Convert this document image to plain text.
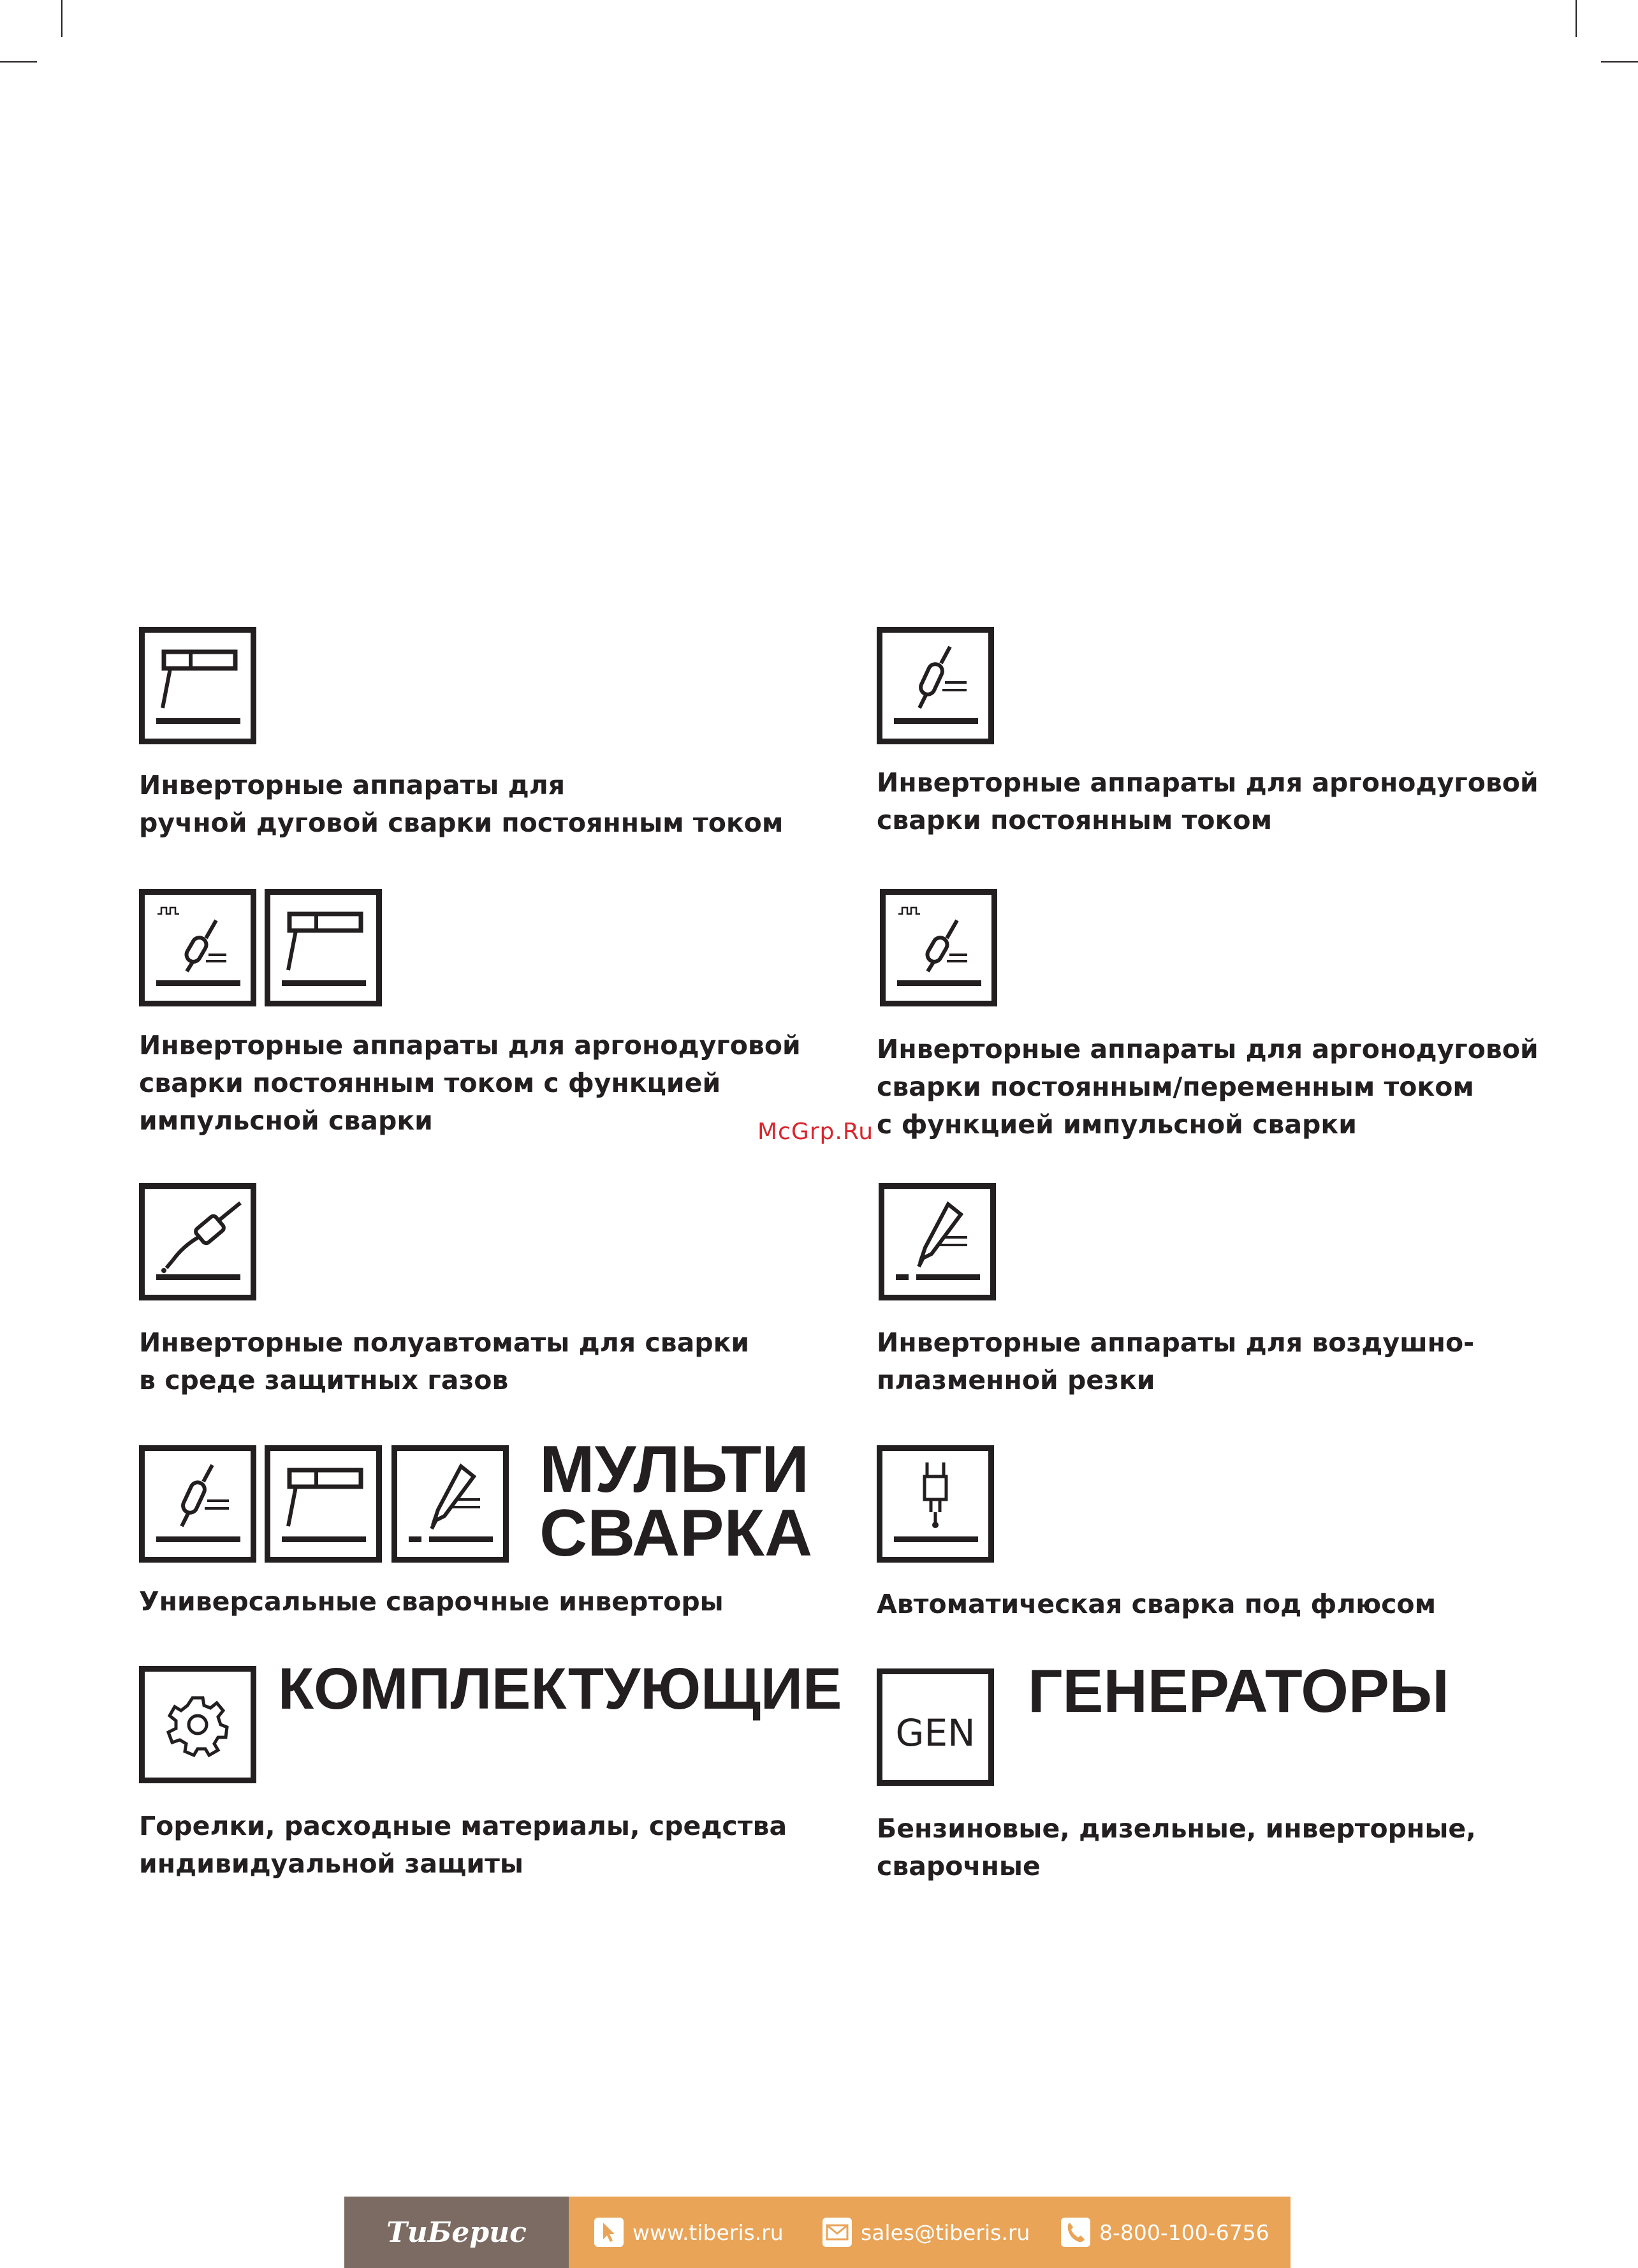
Инверторные аппараты для
ручной дуговой сварки постоянным током
Инверторные аппараты для аргонодуговой
сварки постоянным током с функцией
импульсной сварки
Инверторные полуавтоматы для сварки
в среде защитных газов
МУЛЬТИ
СВАРКА
Универсальные сварочные инверторы
КОМПЛЕКТУЮЩИЕ
Горелки, расходные материалы, средства
индивидуальной защиты
Инверторные аппараты для аргонодуговой
сварки постоянным током
Инверторные аппараты для аргонодуговой
сварки постоянным/переменным током
с функцией импульсной сварки
Инверторные аппараты для воздушно-
плазменной резки
Автоматическая сварка под флюсом
GEN
ГЕНЕРАТОРЫ
Бензиновые, дизельные, инверторные,
сварочные
McGrp.Ru
ТиБерис	www.tiberis.ru	sales@tiberis.ru	8-800-100-6756
